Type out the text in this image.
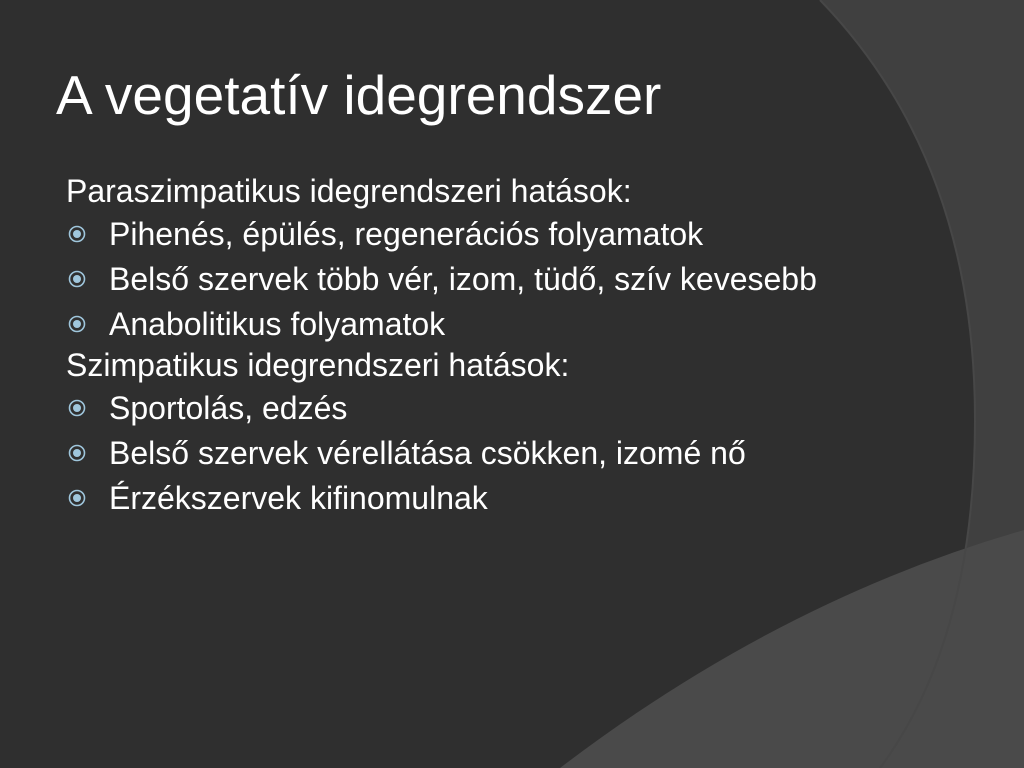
A vegetatív idegrendszer
Paraszimpatikus idegrendszeri hatások:
Pihenés, épülés, regenerációs folyamatok
Belső szervek több vér, izom, tüdő, szív kevesebb
Anabolitikus folyamatok
Szimpatikus idegrendszeri hatások:
Sportolás, edzés
Belső szervek vérellátása csökken, izomé nő
Érzékszervek kifinomulnak
